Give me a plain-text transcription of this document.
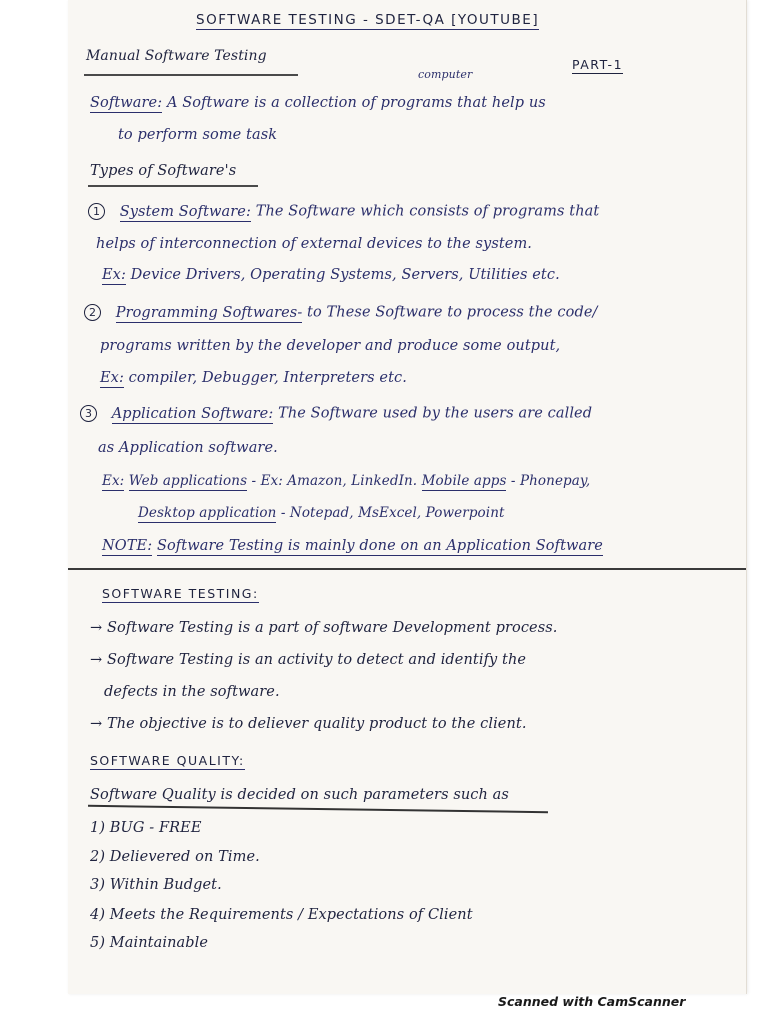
SOFTWARE TESTING - SDET-QA [YOUTUBE]
Manual Software Testing
PART-1
computer
Software: A Software is a collection of programs that help us
to perform some task
Types of Software's
1 System Software: The Software which consists of programs that
helps of interconnection of external devices to the system.
Ex: Device Drivers, Operating Systems, Servers, Utilities etc.
2 Programming Softwares- to These Software to process the code/
programs written by the developer and produce some output,
Ex: compiler, Debugger, Interpreters etc.
3 Application Software: The Software used by the users are called
as Application software.
Ex: Web applications - Ex: Amazon, LinkedIn. Mobile apps - Phonepay,
Desktop application - Notepad, MsExcel, Powerpoint
NOTE: Software Testing is mainly done on an Application Software
SOFTWARE TESTING:
→ Software Testing is a part of software Development process.
→ Software Testing is an activity to detect and identify the
defects in the software.
→ The objective is to deliever quality product to the client.
SOFTWARE QUALITY:
Software Quality is decided on such parameters such as
1) BUG - FREE
2) Delievered on Time.
3) Within Budget.
4) Meets the Requirements / Expectations of Client
5) Maintainable
Scanned with CamScanner
